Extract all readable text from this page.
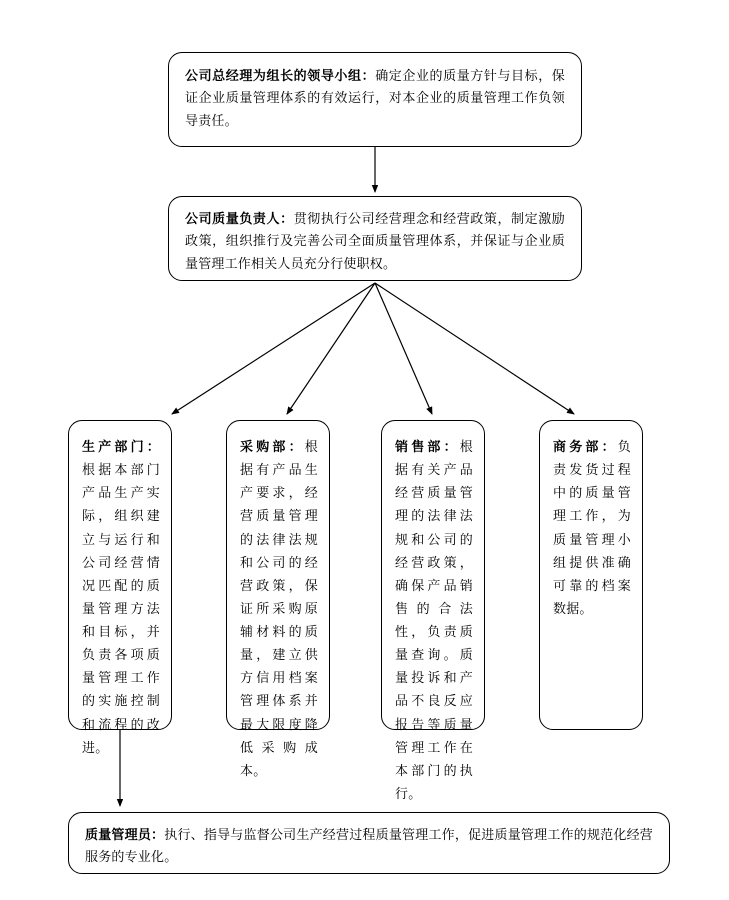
公司总经理为组长的领导小组：确定企业的质量方针与目标，保证企业质量管理体系的有效运行，对本企业的质量管理工作负领导责任。
公司质量负责人：贯彻执行公司经营理念和经营政策，制定激励政策，组织推行及完善公司全面质量管理体系，并保证与企业质量管理工作相关人员充分行使职权。
生产部门：根据本部门产品生产实际，组织建立与运行和公司经营情况匹配的质量管理方法和目标，并负责各项质量管理工作的实施控制和流程的改进。
采购部：根据有产品生产要求，经营质量管理的法律法规和公司的经营政策，保证所采购原辅材料的质量，建立供方信用档案管理体系并最大限度降低采购成本。
销售部：根据有关产品经营质量管理的法律法规和公司的经营政策，确保产品销售的合法性，负责质量查询。质量投诉和产品不良反应报告等质量管理工作在本部门的执行。
商务部：负责发货过程中的质量管理工作，为质量管理小组提供准确可靠的档案数据。
质量管理员：执行、指导与监督公司生产经营过程质量管理工作，促进质量管理工作的规范化经营服务的专业化。
